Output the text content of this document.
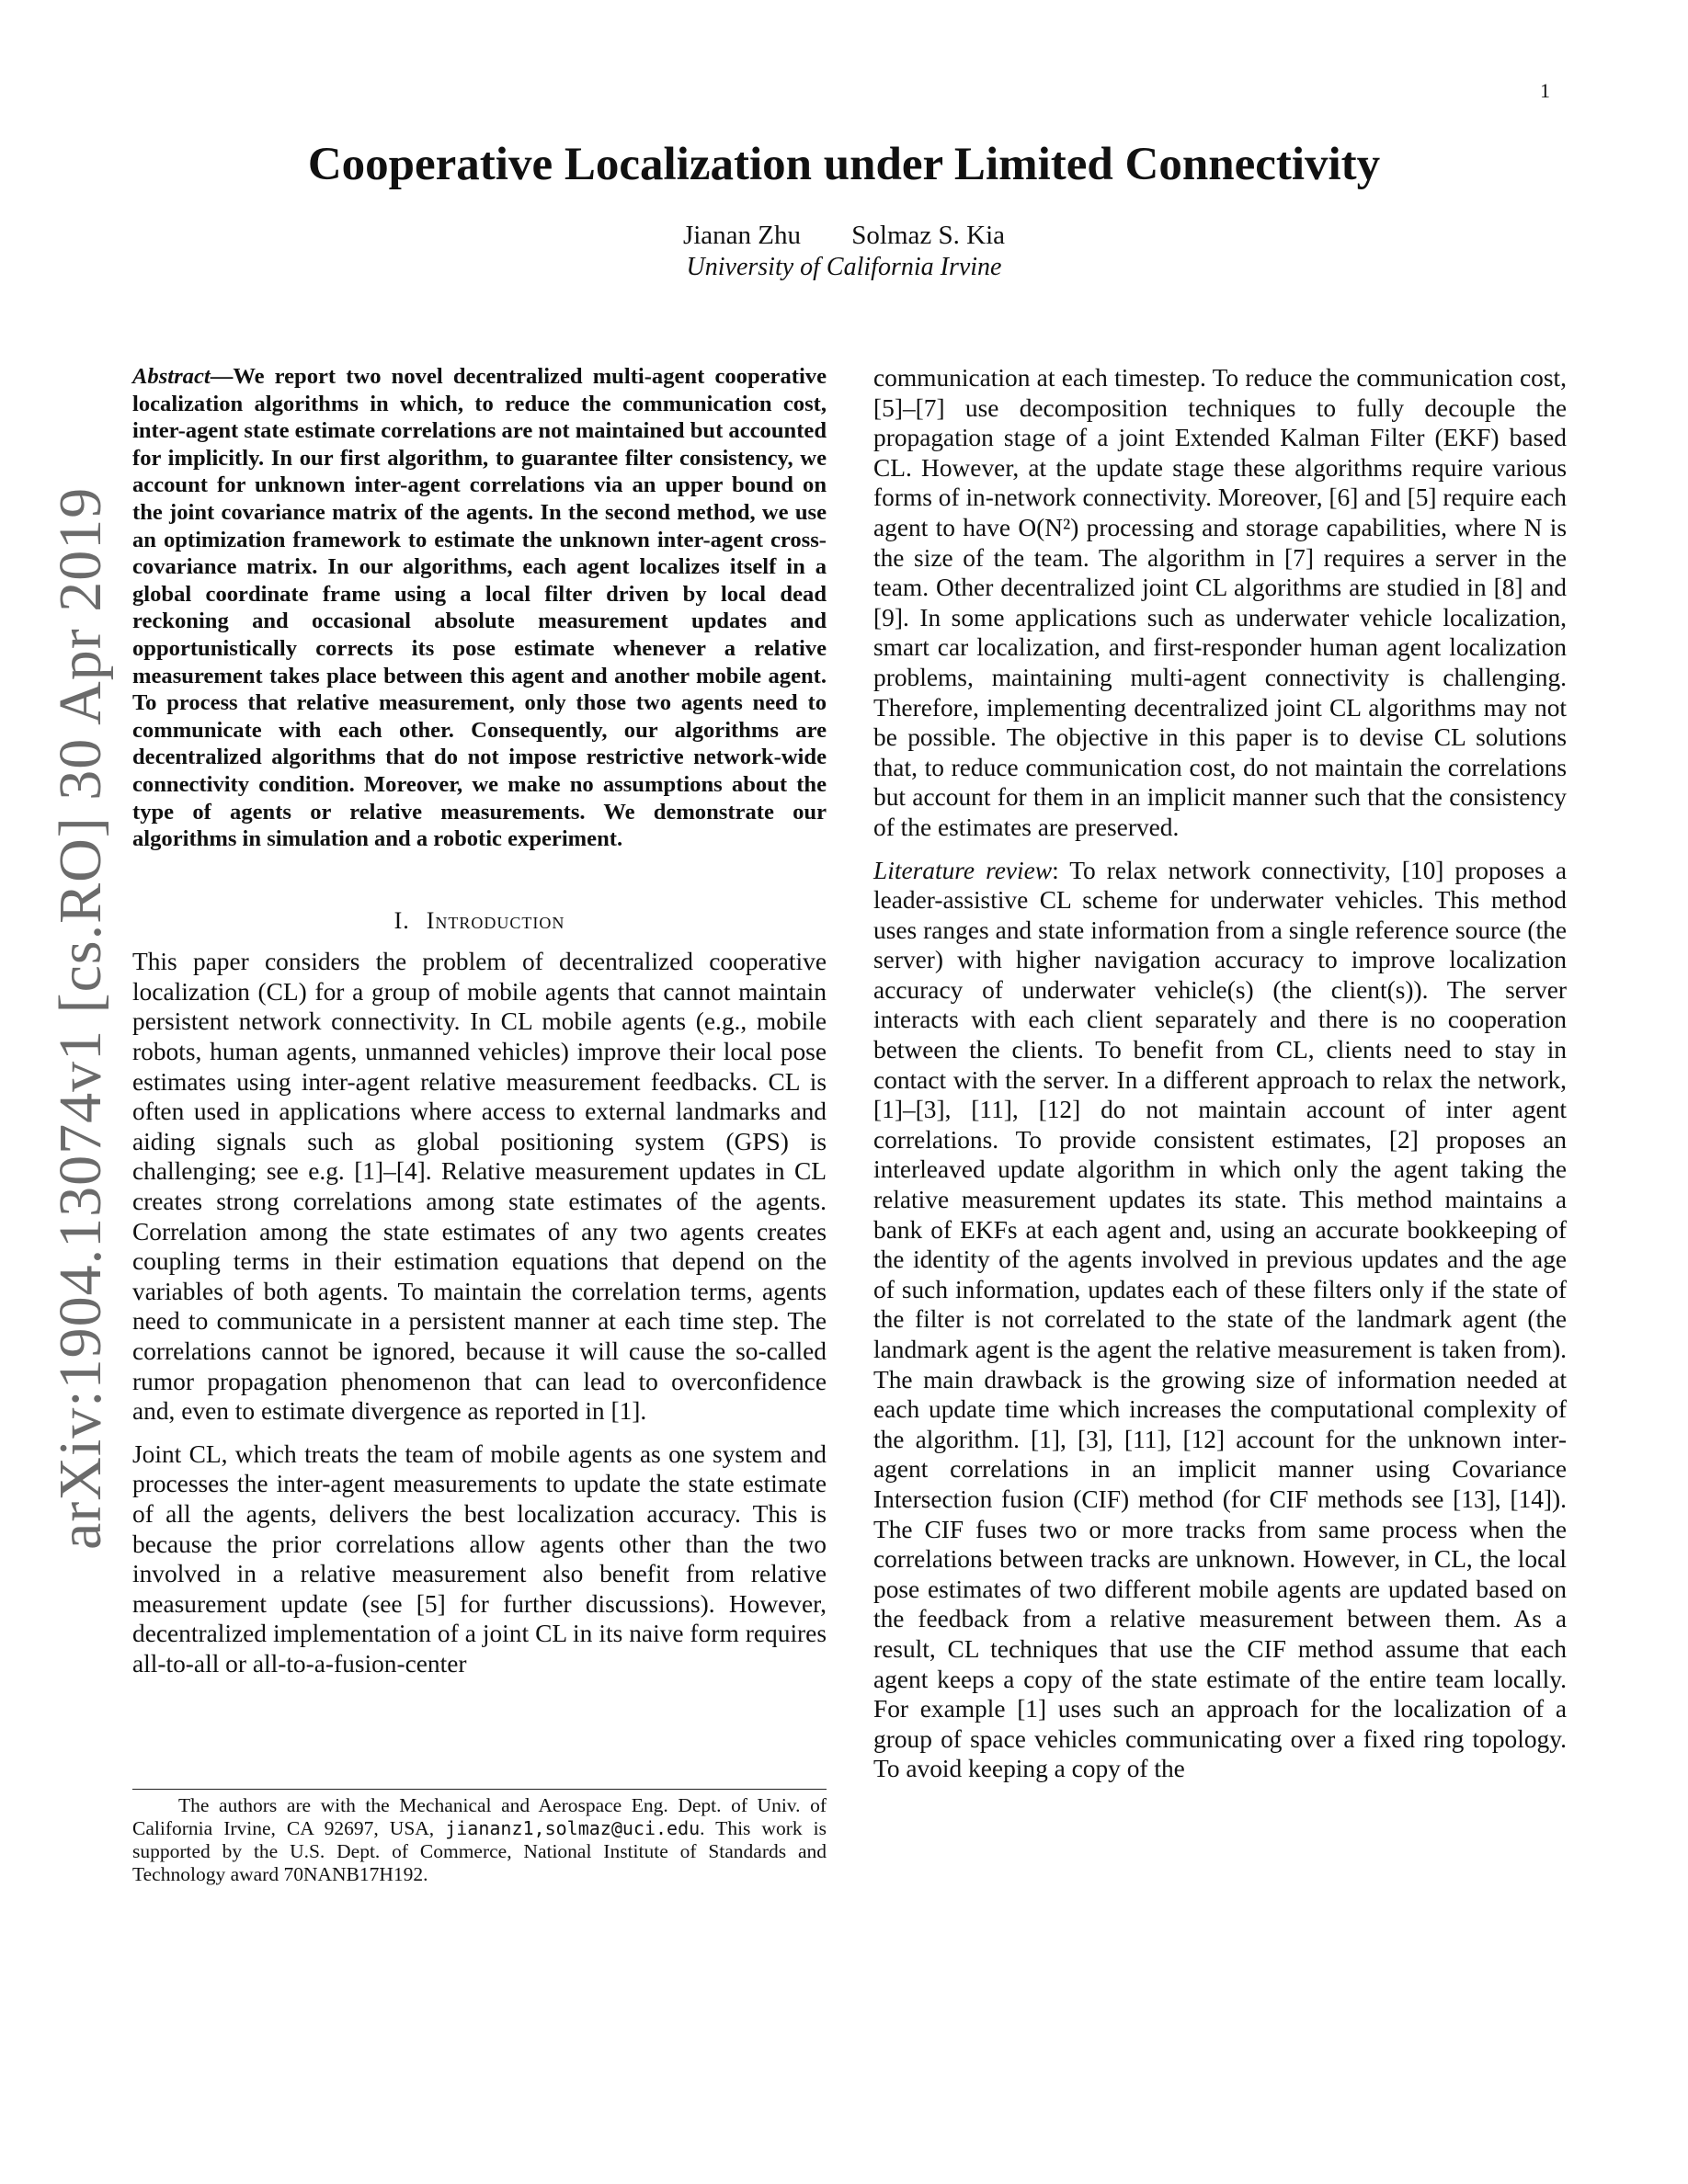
1
arXiv:1904.13074v1 [cs.RO] 30 Apr 2019
Cooperative Localization under Limited Connectivity
Jianan Zhu Solmaz S. Kia
University of California Irvine

Abstract—We report two novel decentralized multi-agent cooperative localization algorithms in which, to reduce the communication cost, inter-agent state estimate correlations are not maintained but accounted for implicitly. In our first algorithm, to guarantee filter consistency, we account for unknown inter-agent correlations via an upper bound on the joint covariance matrix of the agents. In the second method, we use an optimization framework to estimate the unknown inter-agent cross-covariance matrix. In our algorithms, each agent localizes itself in a global coordinate frame using a local filter driven by local dead reckoning and occasional absolute measurement updates and opportunistically corrects its pose estimate whenever a relative measurement takes place between this agent and another mobile agent. To process that relative measurement, only those two agents need to communicate with each other. Consequently, our algorithms are decentralized algorithms that do not impose restrictive network-wide connectivity condition. Moreover, we make no assumptions about the type of agents or relative measurements. We demonstrate our algorithms in simulation and a robotic experiment.

I. Introduction

This paper considers the problem of decentralized cooperative localization (CL) for a group of mobile agents that cannot maintain persistent network connectivity. In CL mobile agents (e.g., mobile robots, human agents, unmanned vehicles) improve their local pose estimates using inter-agent relative measurement feedbacks. CL is often used in applications where access to external landmarks and aiding signals such as global positioning system (GPS) is challenging; see e.g. [1]–[4]. Relative measurement updates in CL creates strong correlations among state estimates of the agents. Correlation among the state estimates of any two agents creates coupling terms in their estimation equations that depend on the variables of both agents. To maintain the correlation terms, agents need to communicate in a persistent manner at each time step. The correlations cannot be ignored, because it will cause the so-called rumor propagation phenomenon that can lead to overconfidence and, even to estimate divergence as reported in [1].

Joint CL, which treats the team of mobile agents as one system and processes the inter-agent measurements to update the state estimate of all the agents, delivers the best localization accuracy. This is because the prior correlations allow agents other than the two involved in a relative measurement also benefit from relative measurement update (see [5] for further discussions). However, decentralized implementation of a joint CL in its naive form requires all-to-all or all-to-a-fusion-center

The authors are with the Mechanical and Aerospace Eng. Dept. of Univ. of California Irvine, CA 92697, USA, jiananz1,solmaz@uci.edu. This work is supported by the U.S. Dept. of Commerce, National Institute of Standards and Technology award 70NANB17H192.

communication at each timestep. To reduce the communication cost, [5]–[7] use decomposition techniques to fully decouple the propagation stage of a joint Extended Kalman Filter (EKF) based CL. However, at the update stage these algorithms require various forms of in-network connectivity. Moreover, [6] and [5] require each agent to have O(N²) processing and storage capabilities, where N is the size of the team. The algorithm in [7] requires a server in the team. Other decentralized joint CL algorithms are studied in [8] and [9]. In some applications such as underwater vehicle localization, smart car localization, and first-responder human agent localization problems, maintaining multi-agent connectivity is challenging. Therefore, implementing decentralized joint CL algorithms may not be possible. The objective in this paper is to devise CL solutions that, to reduce communication cost, do not maintain the correlations but account for them in an implicit manner such that the consistency of the estimates are preserved.

Literature review: To relax network connectivity, [10] proposes a leader-assistive CL scheme for underwater vehicles. This method uses ranges and state information from a single reference source (the server) with higher navigation accuracy to improve localization accuracy of underwater vehicle(s) (the client(s)). The server interacts with each client separately and there is no cooperation between the clients. To benefit from CL, clients need to stay in contact with the server. In a different approach to relax the network, [1]–[3], [11], [12] do not maintain account of inter agent correlations. To provide consistent estimates, [2] proposes an interleaved update algorithm in which only the agent taking the relative measurement updates its state. This method maintains a bank of EKFs at each agent and, using an accurate bookkeeping of the identity of the agents involved in previous updates and the age of such information, updates each of these filters only if the state of the filter is not correlated to the state of the landmark agent (the landmark agent is the agent the relative measurement is taken from). The main drawback is the growing size of information needed at each update time which increases the computational complexity of the algorithm. [1], [3], [11], [12] account for the unknown inter-agent correlations in an implicit manner using Covariance Intersection fusion (CIF) method (for CIF methods see [13], [14]). The CIF fuses two or more tracks from same process when the correlations between tracks are unknown. However, in CL, the local pose estimates of two different mobile agents are updated based on the feedback from a relative measurement between them. As a result, CL techniques that use the CIF method assume that each agent keeps a copy of the state estimate of the entire team locally. For example [1] uses such an approach for the localization of a group of space vehicles communicating over a fixed ring topology. To avoid keeping a copy of the
